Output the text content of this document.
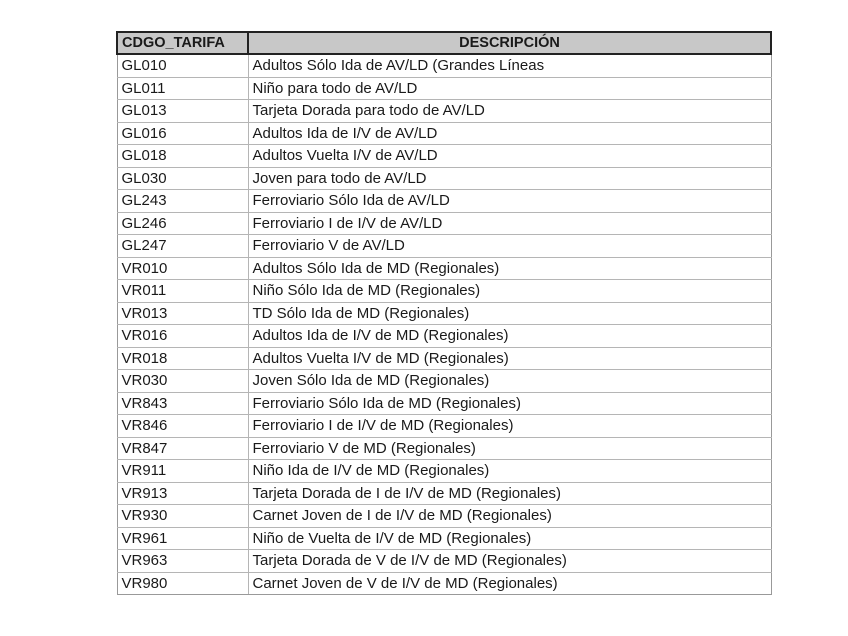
CDGO_TARIFA	DESCRIPCIÓN
GL010	Adultos Sólo Ida de AV/LD (Grandes Líneas
GL011	Niño para todo de AV/LD
GL013	Tarjeta Dorada para todo de AV/LD
GL016	Adultos Ida de I/V de AV/LD
GL018	Adultos Vuelta I/V de AV/LD
GL030	Joven para todo de AV/LD
GL243	Ferroviario Sólo Ida de AV/LD
GL246	Ferroviario I de I/V de AV/LD
GL247	Ferroviario V de AV/LD
VR010	Adultos Sólo Ida de MD (Regionales)
VR011	Niño Sólo Ida de MD (Regionales)
VR013	TD Sólo Ida de MD (Regionales)
VR016	Adultos Ida de I/V de MD (Regionales)
VR018	Adultos Vuelta I/V de MD (Regionales)
VR030	Joven Sólo Ida de MD (Regionales)
VR843	Ferroviario Sólo Ida de MD (Regionales)
VR846	Ferroviario I de I/V de MD (Regionales)
VR847	Ferroviario V de MD (Regionales)
VR911	Niño Ida de I/V de MD (Regionales)
VR913	Tarjeta Dorada de I de I/V de MD (Regionales)
VR930	Carnet Joven de I de I/V de MD (Regionales)
VR961	Niño de Vuelta de I/V de MD (Regionales)
VR963	Tarjeta Dorada de V de I/V de MD (Regionales)
VR980	Carnet Joven de V de I/V de MD (Regionales)
